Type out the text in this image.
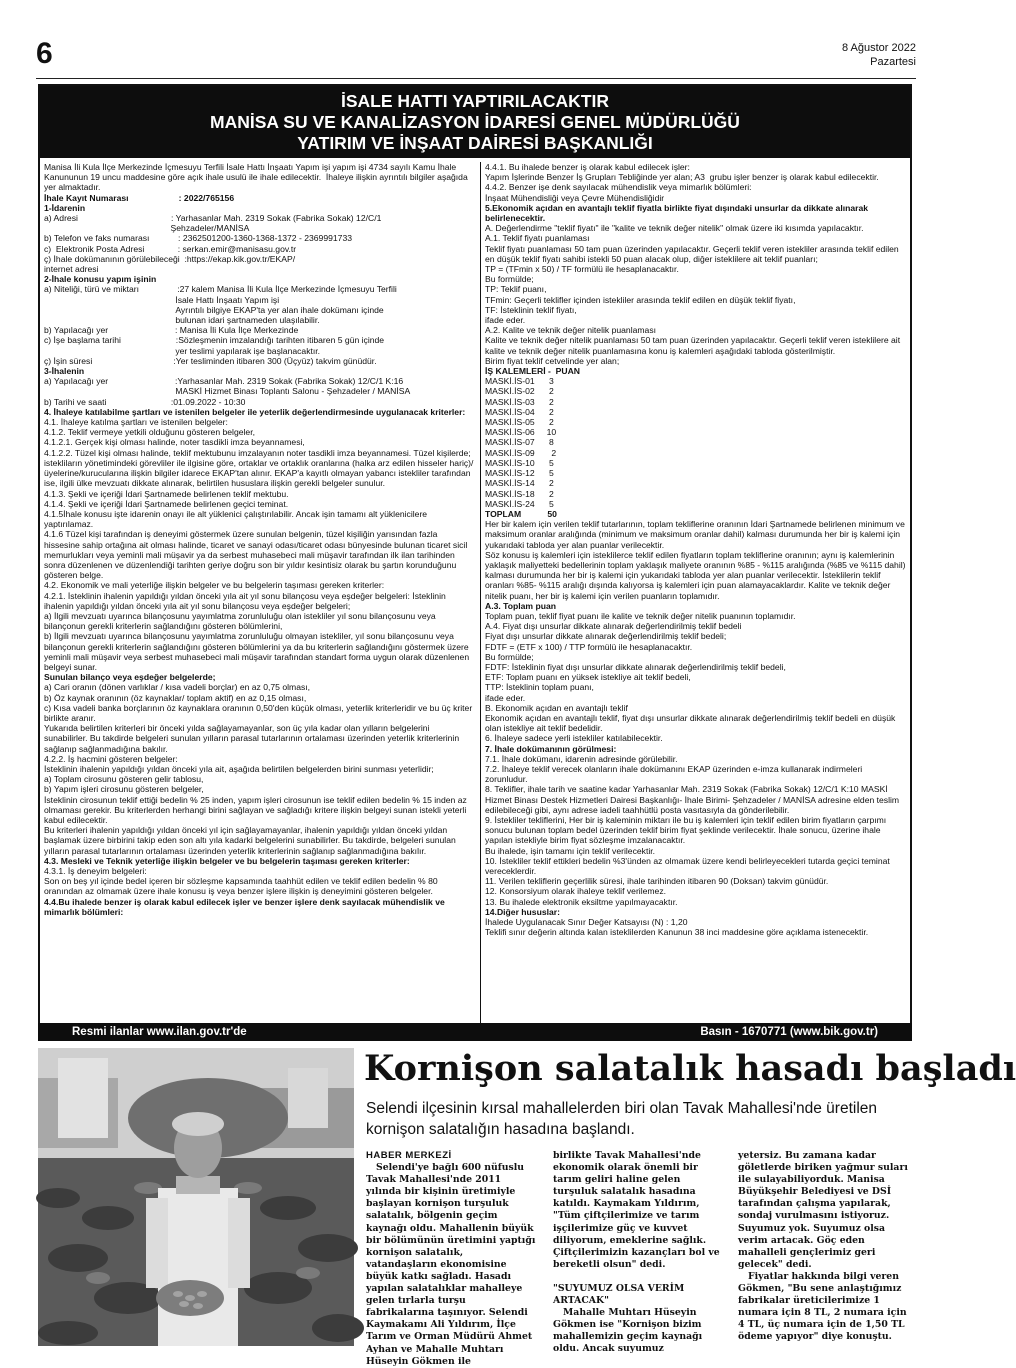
6	8 Ağustor 2022
Pazartesi
İSALE HATTI YAPTIRILACAKTIR
MANİSA SU VE KANALİZASYON İDARESİ GENEL MÜDÜRLÜĞÜ
YATIRIM VE İNŞAAT DAİRESİ BAŞKANLIĞI

Manisa İli Kula İlçe Merkezinde İçmesuyu Terfili İsale Hattı İnşaatı Yapım işi yapım işi 4734 sayılı Kamu İhale Kanununun 19 uncu maddesine göre açık ihale usulü ile ihale edilecektir.  İhaleye ilişkin ayrıntılı bilgiler aşağıda yer almaktadır.

İhale Kayıt Numarası                     : 2022/765156

1-İdarenin

a) Adresi                                       : Yarhasanlar Mah. 2319 Sokak (Fabrika Sokak) 12/C/1
Şehzadeler/MANİSA

b) Telefon ve faks numarası            : 2362501200-1360-1368-1372 - 2369991733

c)  Elektronik Posta Adresi              : serkan.emir@manisasu.gov.tr

ç) İhale dokümanının görülebileceği  :https://ekap.kik.gov.tr/EKAP/
internet adresi

2-İhale konusu yapım işinin

a) Niteliği, türü ve miktarı                :27 kalem Manisa İli Kula İlçe Merkezinde İçmesuyu Terfili
İsale Hattı İnşaatı Yapım işi
Ayrıntılı bilgiye EKAP'ta yer alan ihale dokümanı içinde
bulunan idari şartnameden ulaşılabilir.

b) Yapılacağı yer                            : Manisa İli Kula İlçe Merkezinde

c) İşe başlama tarihi                       :Sözleşmenin imzalandığı tarihten itibaren 5 gün içinde
yer teslimi yapılarak işe başlanacaktır.

ç) İşin süresi                                  :Yer tesliminden itibaren 300 (Üçyüz) takvim günüdür.

3-İhalenin

a) Yapılacağı yer                            :Yarhasanlar Mah. 2319 Sokak (Fabrika Sokak) 12/C/1 K:16
MASKİ Hizmet Binası Toplantı Salonu - Şehzadeler / MANİSA

b) Tarihi ve saati                           :01.09.2022 - 10:30

4. İhaleye katılabilme şartları ve istenilen belgeler ile yeterlik değerlendirmesinde uygulanacak kriterler:

4.1. İhaleye katılma şartları ve istenilen belgeler:

4.1.2. Teklif vermeye yetkili olduğunu gösteren belgeler,

4.1.2.1. Gerçek kişi olması halinde, noter tasdikli imza beyannamesi,

4.1.2.2. Tüzel kişi olması halinde, teklif mektubunu imzalayanın noter tasdikli imza beyannamesi. Tüzel kişilerde; istekliların yönetimindeki görevliler ile ilgisine göre, ortaklar ve ortaklık oranlarına (halka arz edilen hisseler hariç)/üyelerine/kurucularına ilişkin bilgiler idarece EKAP'tan alınır. EKAP'a kayıtlı olmayan yabancı istekliler tarafından ise, ilgili ülke mevzuatı dikkate alınarak, belirtilen hususlara ilişkin gerekli belgeler sunulur.

4.1.3. Şekli ve içeriği İdari Şartnamede belirlenen teklif mektubu.

4.1.4. Şekli ve içeriği İdari Şartnamede belirlenen geçici teminat.

4.1.5İhale konusu işte idarenin onayı ile alt yüklenici çalıştırılabilir. Ancak işin tamamı alt yüklenicilere yaptırılamaz.

4.1.6 Tüzel kişi tarafından iş deneyimi göstermek üzere sunulan belgenin, tüzel kişiliğin yarısından fazla hissesine sahip ortağına ait olması halinde, ticaret ve sanayi odası/ticaret odası bünyesinde bulunan ticaret sicil memurlukları veya yeminli mali müşavir ya da serbest muhasebeci mali müşavir tarafından ilk ilan tarihinden sonra düzenlenen ve düzenlendiği tarihten geriye doğru son bir yıldır kesintisiz olarak bu şartın korunduğunu gösteren belge.

4.2. Ekonomik ve mali yeterliğe ilişkin belgeler ve bu belgelerin taşıması gereken kriterler:

4.2.1. İsteklinin ihalenin yapıldığı yıldan önceki yıla ait yıl sonu bilançosu veya eşdeğer belgeleri: İsteklinin ihalenin yapıldığı yıldan önceki yıla ait yıl sonu bilançosu veya eşdeğer belgeleri;

a) İlgili mevzuatı uyarınca bilançosunu yayımlatma zorunluluğu olan istekliler yıl sonu bilançosunu veya bilançonun gerekli kriterlerin sağlandığını gösteren bölümlerini,

b) İlgili mevzuatı uyarınca bilançosunu yayımlatma zorunluluğu olmayan istekliler, yıl sonu bilançosunu veya bilançonun gerekli kriterlerin sağlandığını gösteren bölümlerini ya da bu kriterlerin sağlandığını göstermek üzere yeminli mali müşavir veya serbest muhasebeci mali müşavir tarafından standart forma uygun olarak düzenlenen belgeyi sunar.

Sunulan bilanço veya eşdeğer belgelerde;

a) Cari oranın (dönen varlıklar / kısa vadeli borçlar) en az 0,75 olması,

b) Öz kaynak oranının (öz kaynaklar/ toplam aktif) en az 0,15 olması,

c) Kısa vadeli banka borçlarının öz kaynaklara oranının 0,50'den küçük olması, yeterlik kriterleridir ve bu üç kriter birlikte aranır.

Yukarıda belirtilen kriterleri bir önceki yılda sağlayamayanlar, son üç yıla kadar olan yılların belgelerini sunabilirler. Bu takdirde belgeleri sunulan yılların parasal tutarlarının ortalaması üzerinden yeterlik kriterlerinin sağlanıp sağlanmadığına bakılır.

4.2.2. İş hacmini gösteren belgeler:

İsteklinin ihalenin yapıldığı yıldan önceki yıla ait, aşağıda belirtilen belgelerden birini sunması yeterlidir;

a) Toplam cirosunu gösteren gelir tablosu,

b) Yapım işleri cirosunu gösteren belgeler,

İsteklinin cirosunun teklif ettiği bedelin % 25 inden, yapım işleri cirosunun ise teklif edilen bedelin % 15 inden az olmaması gerekir. Bu kriterlerden herhangi birini sağlayan ve sağladığı kritere ilişkin belgeyi sunan istekli yeterli kabul edilecektir.

Bu kriterleri ihalenin yapıldığı yıldan önceki yıl için sağlayamayanlar, ihalenin yapıldığı yıldan önceki yıldan başlamak üzere birbirini takip eden son altı yıla kadarki belgelerini sunabilirler. Bu takdirde, belgeleri sunulan yılların parasal tutarlarının ortalaması üzerinden yeterlik kriterlerinin sağlanıp sağlanmadığına bakılır.

4.3. Mesleki ve Teknik yeterliğe ilişkin belgeler ve bu belgelerin taşıması gereken kriterler:

4.3.1. İş deneyim belgeleri:

Son on beş yıl içinde bedel içeren bir sözleşme kapsamında taahhüt edilen ve teklif edilen bedelin % 80 oranından az olmamak üzere ihale konusu iş veya benzer işlere ilişkin iş deneyimini gösteren belgeler.

4.4.Bu ihalede benzer iş olarak kabul edilecek işler ve benzer işlere denk sayılacak mühendislik ve mimarlık bölümleri:

4.4.1. Bu ihalede benzer iş olarak kabul edilecek işler:

Yapım İşlerinde Benzer İş Grupları Tebliğinde yer alan; A3  grubu işler benzer iş olarak kabul edilecektir.

4.4.2. Benzer işe denk sayılacak mühendislik veya mimarlık bölümleri:

İnşaat Mühendisliği veya Çevre Mühendisliğidir

5.Ekonomik açıdan en avantajlı teklif fiyatla birlikte fiyat dışındaki unsurlar da dikkate alınarak belirlenecektir.

A. Değerlendirme "teklif fiyatı" ile "kalite ve teknik değer nitelik" olmak üzere iki kısımda yapılacaktır.

A.1. Teklif fiyatı puanlaması

Teklif fiyatı puanlaması 50 tam puan üzerinden yapılacaktır. Geçerli teklif veren istekliler arasında teklif edilen en düşük teklif fiyatı sahibi istekli 50 puan alacak olup, diğer isteklilere ait teklif puanları;

TP = (TFmin x 50) / TF formülü ile hesaplanacaktır.

Bu formülde;

TP: Teklif puanı,

TFmin: Geçerli teklifler içinden istekliler arasında teklif edilen en düşük teklif fiyatı,

TF: İsteklinin teklif fiyatı,

ifade eder.

A.2. Kalite ve teknik değer nitelik puanlaması

Kalite ve teknik değer nitelik puanlaması 50 tam puan üzerinden yapılacaktır. Geçerli teklif veren isteklilere ait kalite ve teknik değer nitelik puanlamasına konu iş kalemleri aşağıdaki tabloda gösterilmiştir.

Birim fiyat teklif cetvelinde yer alan;

İŞ KALEMLERİ -  PUAN

MASKİ.İS-01      3

MASKİ.İS-02      2

MASKİ.İS-03      2

MASKİ.İS-04      2

MASKİ.İS-05      2

MASKİ.İS-06     10

MASKİ.İS-07      8

MASKİ.İS-09       2

MASKİ.İS-10      5

MASKİ.İS-12      5

MASKİ.İS-14      2

MASKİ.İS-18      2

MASKİ.İS-24      5

TOPLAM           50

Her bir kalem için verilen teklif tutarlarının, toplam tekliflerine oranının İdari Şartnamede belirlenen minimum ve maksimum oranlar aralığında (minimum ve maksimum oranlar dahil) kalması durumunda her bir iş kalemi için yukarıdaki tabloda yer alan puanlar verilecektir.

Söz konusu iş kalemleri için isteklilerce teklif edilen fiyatların toplam tekliflerine oranının; aynı iş kalemlerinin yaklaşık maliyetteki bedellerinin toplam yaklaşık maliyete oranının %85 - %115 aralığında (%85 ve %115 dahil) kalması durumunda her bir iş kalemi için yukarıdaki tabloda yer alan puanlar verilecektir. İsteklilerin teklif oranları %85- %115 aralığı dışında kalıyorsa iş kalemleri için puan alamayacaklardır. Kalite ve teknik değer nitelik puanı, her bir iş kalemi için verilen puanların toplamıdır.

A.3. Toplam puan

Toplam puan, teklif fiyat puanı ile kalite ve teknik değer nitelik puanının toplamıdır.

A.4. Fiyat dışı unsurlar dikkate alınarak değerlendirilmiş teklif bedeli

Fiyat dışı unsurlar dikkate alınarak değerlendirilmiş teklif bedeli;

FDTF = (ETF x 100) / TTP formülü ile hesaplanacaktır.

Bu formülde;

FDTF: İsteklinin fiyat dışı unsurlar dikkate alınarak değerlendirilmiş teklif bedeli,

ETF: Toplam puanı en yüksek istekliye ait teklif bedeli,

TTP: İsteklinin toplam puanı,

ifade eder.

B. Ekonomik açıdan en avantajlı teklif

Ekonomik açıdan en avantajlı teklif, fiyat dışı unsurlar dikkate alınarak değerlendirilmiş teklif bedeli en düşük olan istekliye ait teklif bedelidir.

6. İhaleye sadece yerli istekliler katılabilecektir.

7. İhale dokümanının görülmesi:

7.1. İhale dokümanı, idarenin adresinde görülebilir.

7.2. İhaleye teklif verecek olanların ihale dokümanını EKAP üzerinden e-imza kullanarak indirmeleri zorunludur.

8. Teklifler, ihale tarih ve saatine kadar Yarhasanlar Mah. 2319 Sokak (Fabrika Sokak) 12/C/1 K:10 MASKİ Hizmet Binası Destek Hizmetleri Dairesi Başkanlığı- İhale Birimi- Şehzadeler / MANİSA adresine elden teslim edilebileceği gibi, aynı adrese iadeli taahhütlü posta vasıtasıyla da gönderilebilir.

9. İstekliler tekliflerini, Her bir iş kaleminin miktarı ile bu iş kalemleri için teklif edilen birim fiyatların çarpımı sonucu bulunan toplam bedel üzerinden teklif birim fiyat şeklinde verilecektir. İhale sonucu, üzerine ihale yapılan istekliyle birim fiyat sözleşme imzalanacaktır.

Bu ihalede, işin tamamı için teklif verilecektir.

10. İstekliler teklif ettikleri bedelin %3'ünden az olmamak üzere kendi belirleyecekleri tutarda geçici teminat vereceklerdir.

11. Verilen tekliflerin geçerlilik süresi, ihale tarihinden itibaren 90 (Doksan) takvim günüdür.

12. Konsorsiyum olarak ihaleye teklif verilemez.

13. Bu ihalede elektronik eksiltme yapılmayacaktır.

14.Diğer hususlar:

İhalede Uygulanacak Sınır Değer Katsayısı (N) : 1,20

Teklifi sınır değerin altında kalan isteklilerden Kanunun 38 inci maddesine göre açıklama istenecektir.

Resmi ilanlar www.ilan.gov.tr'de	Basın - 1670771 (www.bik.gov.tr)
Kornişon salatalık hasadı başladı
Selendi ilçesinin kırsal mahallelerden biri olan Tavak Mahallesi'nde üretilen kornişon salatalığın hasadına başlandı.

HABER MERKEZİ

Selendi'ye bağlı 600 nüfuslu Tavak Mahallesi'nde 2011 yılında bir kişinin üretimiyle başlayan kornişon turşuluk salatalık, bölgenin geçim kaynağı oldu. Mahallenin büyük bir bölümünün üretimini yaptığı kornişon salatalık, vatandaşların ekonomisine büyük katkı sağladı. Hasadı yapılan salatalıklar mahalleye gelen tırlarla turşu fabrikalarına taşınıyor. Selendi Kaymakamı Ali Yıldırım, İlçe Tarım ve Orman Müdürü Ahmet Ayhan ve Mahalle Muhtarı Hüseyin Gökmen ile

birlikte Tavak Mahallesi'nde ekonomik olarak önemli bir tarım geliri haline gelen turşuluk salatalık hasadına katıldı. Kaymakam Yıldırım, "Tüm çiftçilerimize ve tarım işçilerimize güç ve kuvvet diliyorum, emeklerine sağlık. Çiftçilerimizin kazançları bol ve bereketli olsun" dedi.

"SUYUMUZ OLSA VERİM ARTACAK"

Mahalle Muhtarı Hüseyin Gökmen ise "Kornişon bizim mahallemizin geçim kaynağı oldu. Ancak suyumuz

yetersiz. Bu zamana kadar göletlerde biriken yağmur suları ile sulayabiliyorduk. Manisa Büyükşehir Belediyesi ve DSİ tarafından çalışma yapılarak, sondaj vurulmasını istiyoruz. Suyumuz yok. Suyumuz olsa verim artacak. Göç eden mahalleli gençlerimiz geri gelecek" dedi.

Fiyatlar hakkında bilgi veren Gökmen, "Bu sene anlaştığımız fabrikalar üreticilerimize 1 numara için 8 TL, 2 numara için 4 TL, üç numara için de 1,50 TL ödeme yapıyor" diye konuştu.
